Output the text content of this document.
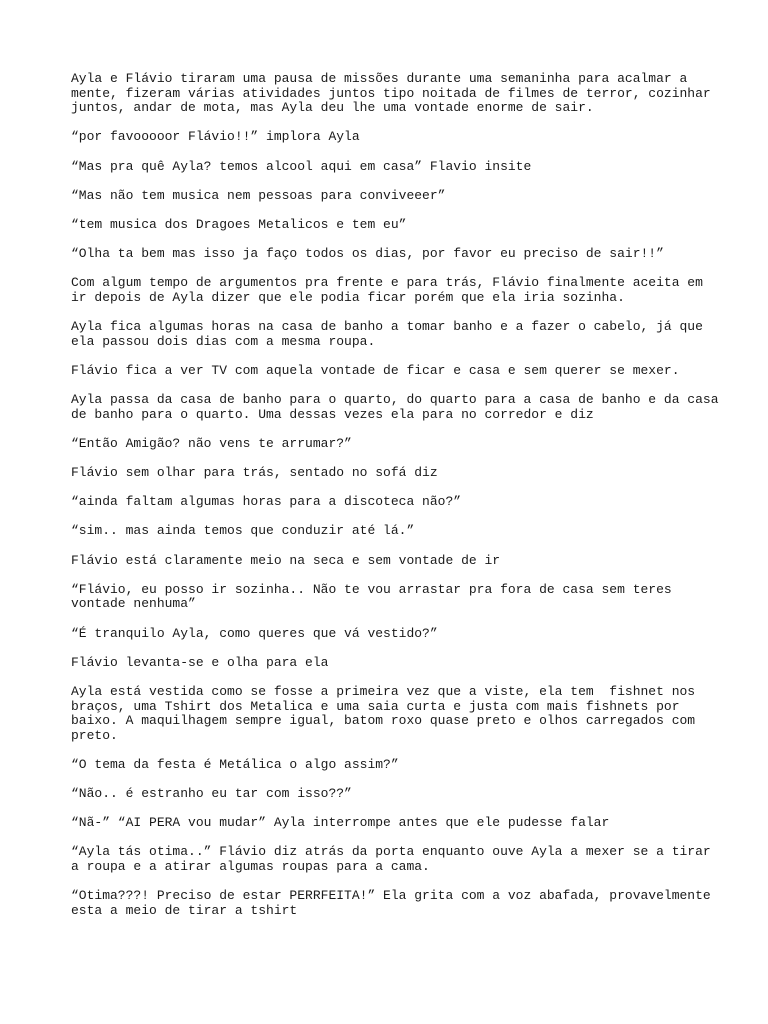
Ayla e Flávio tiraram uma pausa de missões durante uma semaninha para acalmar a
mente, fizeram várias atividades juntos tipo noitada de filmes de terror, cozinhar
juntos, andar de mota, mas Ayla deu lhe uma vontade enorme de sair.

“por favooooor Flávio!!” implora Ayla

“Mas pra quê Ayla? temos alcool aqui em casa” Flavio insite

“Mas não tem musica nem pessoas para conviveeer”

“tem musica dos Dragoes Metalicos e tem eu”

“Olha ta bem mas isso ja faço todos os dias, por favor eu preciso de sair!!”

Com algum tempo de argumentos pra frente e para trás, Flávio finalmente aceita em
ir depois de Ayla dizer que ele podia ficar porém que ela iria sozinha.

Ayla fica algumas horas na casa de banho a tomar banho e a fazer o cabelo, já que
ela passou dois dias com a mesma roupa.

Flávio fica a ver TV com aquela vontade de ficar e casa e sem querer se mexer.

Ayla passa da casa de banho para o quarto, do quarto para a casa de banho e da casa
de banho para o quarto. Uma dessas vezes ela para no corredor e diz

“Então Amigão? não vens te arrumar?”

Flávio sem olhar para trás, sentado no sofá diz

“ainda faltam algumas horas para a discoteca não?”

“sim.. mas ainda temos que conduzir até lá.”

Flávio está claramente meio na seca e sem vontade de ir

“Flávio, eu posso ir sozinha.. Não te vou arrastar pra fora de casa sem teres
vontade nenhuma”

“É tranquilo Ayla, como queres que vá vestido?”

Flávio levanta-se e olha para ela

Ayla está vestida como se fosse a primeira vez que a viste, ela tem  fishnet nos
braços, uma Tshirt dos Metalica e uma saia curta e justa com mais fishnets por
baixo. A maquilhagem sempre igual, batom roxo quase preto e olhos carregados com
preto.

“O tema da festa é Metálica o algo assim?”

“Não.. é estranho eu tar com isso??”

“Nã-” “AI PERA vou mudar” Ayla interrompe antes que ele pudesse falar

“Ayla tás otima..” Flávio diz atrás da porta enquanto ouve Ayla a mexer se a tirar
a roupa e a atirar algumas roupas para a cama.

“Otima???! Preciso de estar PERRFEITA!” Ela grita com a voz abafada, provavelmente
esta a meio de tirar a tshirt
